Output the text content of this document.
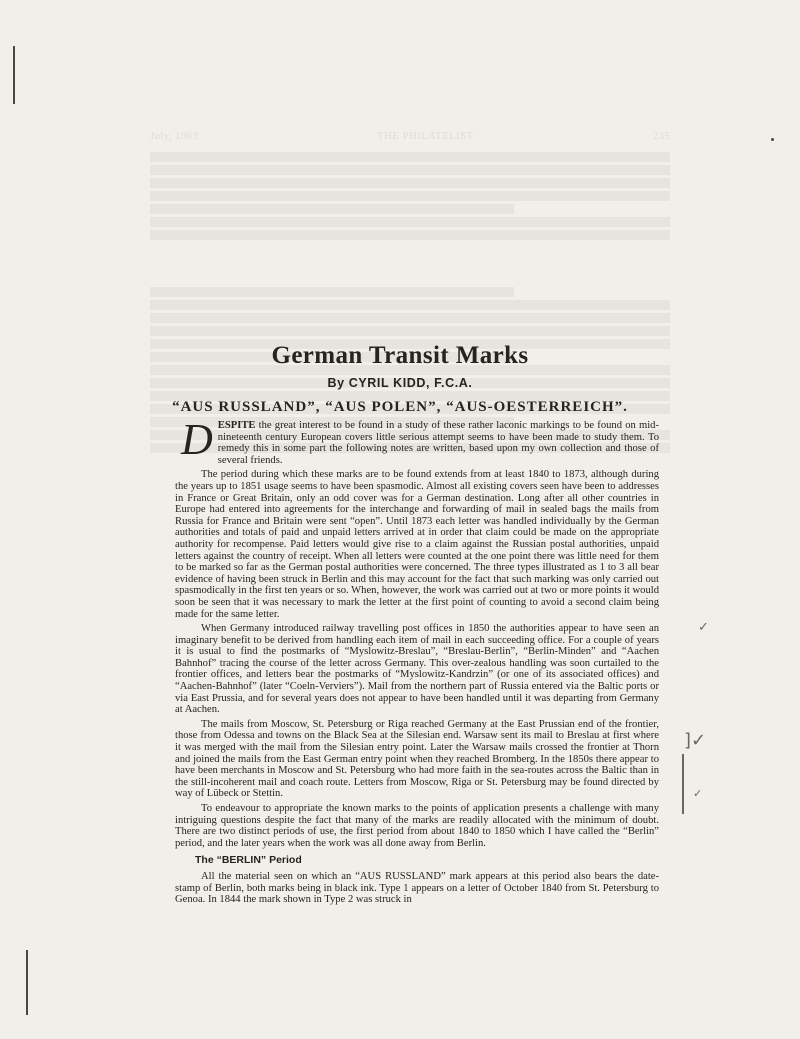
July, 1963	THE PHILATELIST	235
✓
]✓
✓
German Transit Marks
By CYRIL KIDD, F.C.A.
“AUS RUSSLAND”, “AUS POLEN”, “AUS-OESTERREICH”.

DESPITE the great interest to be found in a study of these rather laconic markings to be found on mid-nineteenth century European covers little serious attempt seems to have been made to study them. To remedy this in some part the following notes are written, based upon my own collection and those of several friends.

The period during which these marks are to be found extends from at least 1840 to 1873, although during the years up to 1851 usage seems to have been spasmodic. Almost all existing covers seen have been to addresses in France or Great Britain, only an odd cover was for a German destination. Long after all other countries in Europe had entered into agreements for the interchange and forwarding of mail in sealed bags the mails from Russia for France and Britain were sent “open”. Until 1873 each letter was handled individually by the German authorities and totals of paid and unpaid letters arrived at in order that claim could be made on the appropriate authority for recompense. Paid letters would give rise to a claim against the Russian postal authorities, unpaid letters against the country of receipt. When all letters were counted at the one point there was little need for them to be marked so far as the German postal authorities were concerned. The three types illustrated as 1 to 3 all bear evidence of having been struck in Berlin and this may account for the fact that such marking was only carried out spasmodically in the first ten years or so. When, however, the work was carried out at two or more points it would soon be seen that it was necessary to mark the letter at the first point of counting to avoid a second claim being made for the same letter.

When Germany introduced railway travelling post offices in 1850 the authorities appear to have seen an imaginary benefit to be derived from handling each item of mail in each succeeding office. For a couple of years it is usual to find the postmarks of “Myslowitz-Breslau”, “Breslau-Berlin”, “Berlin-Minden” and “Aachen Bahnhof” tracing the course of the letter across Germany. This over-zealous handling was soon curtailed to the frontier offices, and letters bear the postmarks of “Myslowitz-Kandrzin” (or one of its associated offices) and “Aachen-Bahnhof” (later “Coeln-Verviers”). Mail from the northern part of Russia entered via the Baltic ports or via East Prussia, and for several years does not appear to have been handled until it was departing from Germany at Aachen.

The mails from Moscow, St. Petersburg or Riga reached Germany at the East Prussian end of the frontier, those from Odessa and towns on the Black Sea at the Silesian end. Warsaw sent its mail to Breslau at first where it was merged with the mail from the Silesian entry point. Later the Warsaw mails crossed the frontier at Thorn and joined the mails from the East German entry point when they reached Bromberg. In the 1850s there appear to have been merchants in Moscow and St. Petersburg who had more faith in the sea-routes across the Baltic than in the still-incoherent mail and coach route. Letters from Moscow, Riga or St. Petersburg may be found directed by way of Lübeck or Stettin.

To endeavour to appropriate the known marks to the points of application presents a challenge with many intriguing questions despite the fact that many of the marks are readily allocated with the minimum of doubt. There are two distinct periods of use, the first period from about 1840 to 1850 which I have called the “Berlin” period, and the later years when the work was all done away from Berlin.

The “BERLIN” Period

All the material seen on which an “AUS RUSSLAND” mark appears at this period also bears the date-stamp of Berlin, both marks being in black ink. Type 1 appears on a letter of October 1840 from St. Petersburg to Genoa. In 1844 the mark shown in Type 2 was struck in
